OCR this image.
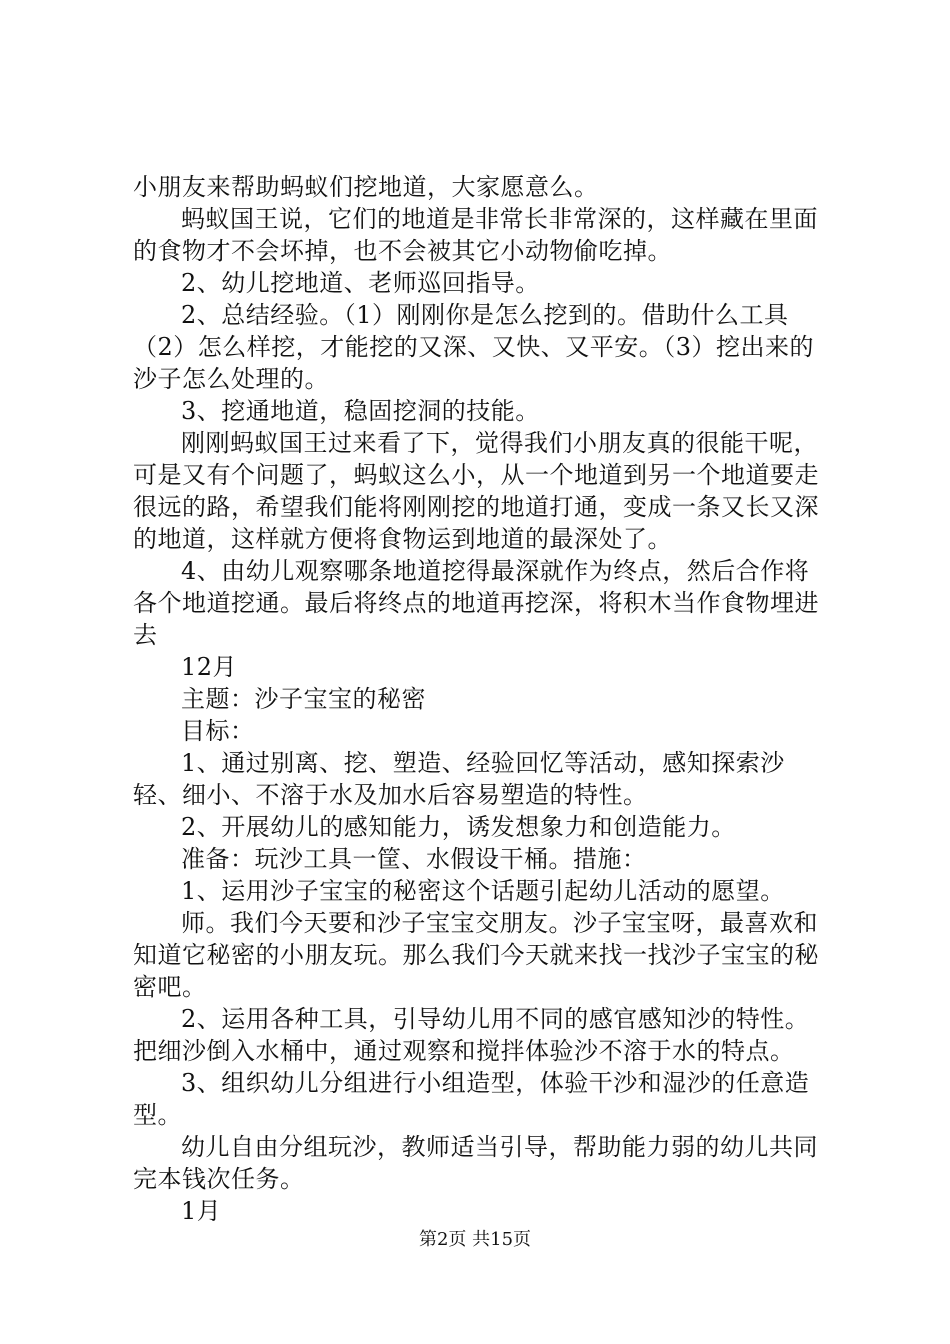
小朋友来帮助蚂蚁们挖地道，大家愿意么。

蚂蚁国王说，它们的地道是非常长非常深的，这样藏在里面的食物才不会坏掉，也不会被其它小动物偷吃掉。

2、幼儿挖地道、老师巡回指导。

2、总结经验。（1）刚刚你是怎么挖到的。借助什么工具（2）怎么样挖，才能挖的又深、又快、又平安。（3）挖出来的沙子怎么处理的。

3、挖通地道，稳固挖洞的技能。

刚刚蚂蚁国王过来看了下，觉得我们小朋友真的很能干呢，可是又有个问题了，蚂蚁这么小，从一个地道到另一个地道要走很远的路，希望我们能将刚刚挖的地道打通，变成一条又长又深的地道，这样就方便将食物运到地道的最深处了。

4、由幼儿观察哪条地道挖得最深就作为终点，然后合作将各个地道挖通。最后将终点的地道再挖深，将积木当作食物埋进去

12月

主题：沙子宝宝的秘密

目标：

1、通过别离、挖、塑造、经验回忆等活动，感知探索沙轻、细小、不溶于水及加水后容易塑造的特性。

2、开展幼儿的感知能力，诱发想象力和创造能力。

准备：玩沙工具一筐、水假设干桶。措施：

1、运用沙子宝宝的秘密这个话题引起幼儿活动的愿望。

师。我们今天要和沙子宝宝交朋友。沙子宝宝呀，最喜欢和知道它秘密的小朋友玩。那么我们今天就来找一找沙子宝宝的秘密吧。

2、运用各种工具，引导幼儿用不同的感官感知沙的特性。把细沙倒入水桶中，通过观察和搅拌体验沙不溶于水的特点。

3、组织幼儿分组进行小组造型，体验干沙和湿沙的任意造型。

幼儿自由分组玩沙，教师适当引导，帮助能力弱的幼儿共同完本钱次任务。

1月

第2页 共15页
